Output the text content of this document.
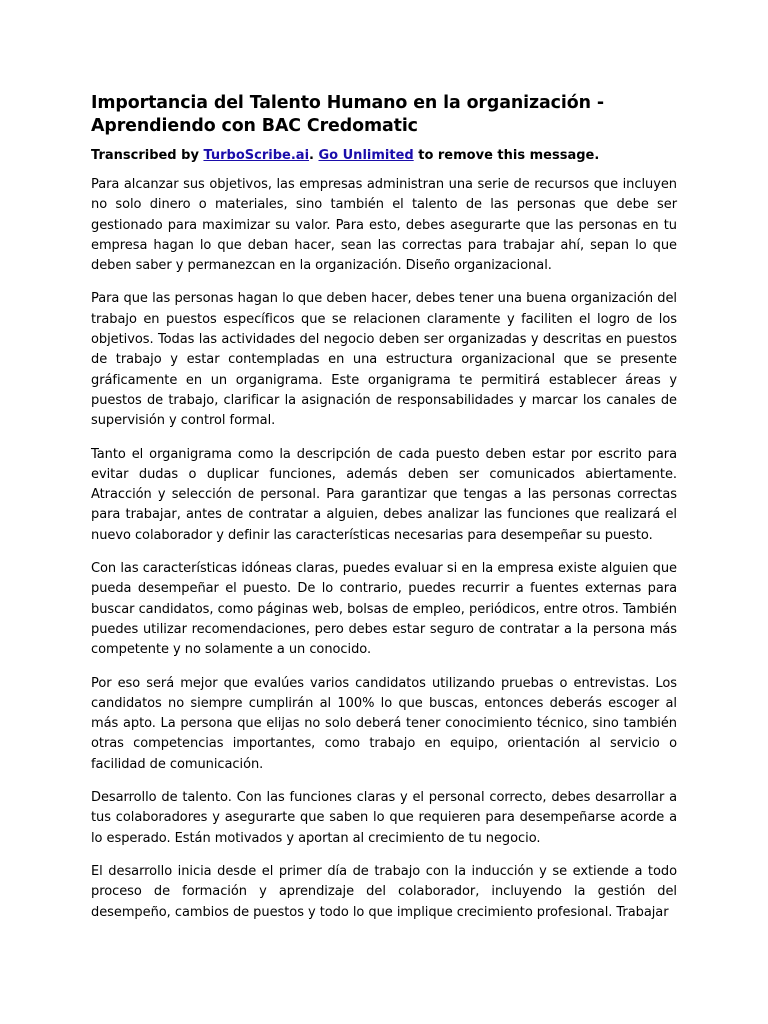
Importancia del Talento Humano en la organización - Aprendiendo con BAC Credomatic

Transcribed by TurboScribe.ai. Go Unlimited to remove this message.

Para alcanzar sus objetivos, las empresas administran una serie de recursos que incluyen no solo dinero o materiales, sino también el talento de las personas que debe ser gestionado para maximizar su valor. Para esto, debes asegurarte que las personas en tu empresa hagan lo que deban hacer, sean las correctas para trabajar ahí, sepan lo que deben saber y permanezcan en la organización. Diseño organizacional.

Para que las personas hagan lo que deben hacer, debes tener una buena organización del trabajo en puestos específicos que se relacionen claramente y faciliten el logro de los objetivos. Todas las actividades del negocio deben ser organizadas y descritas en puestos de trabajo y estar contempladas en una estructura organizacional que se presente gráficamente en un organigrama. Este organigrama te permitirá establecer áreas y puestos de trabajo, clarificar la asignación de responsabilidades y marcar los canales de supervisión y control formal.

Tanto el organigrama como la descripción de cada puesto deben estar por escrito para evitar dudas o duplicar funciones, además deben ser comunicados abiertamente. Atracción y selección de personal. Para garantizar que tengas a las personas correctas para trabajar, antes de contratar a alguien, debes analizar las funciones que realizará el nuevo colaborador y definir las características necesarias para desempeñar su puesto.

Con las características idóneas claras, puedes evaluar si en la empresa existe alguien que pueda desempeñar el puesto. De lo contrario, puedes recurrir a fuentes externas para buscar candidatos, como páginas web, bolsas de empleo, periódicos, entre otros. También puedes utilizar recomendaciones, pero debes estar seguro de contratar a la persona más competente y no solamente a un conocido.

Por eso será mejor que evalúes varios candidatos utilizando pruebas o entrevistas. Los candidatos no siempre cumplirán al 100% lo que buscas, entonces deberás escoger al más apto. La persona que elijas no solo deberá tener conocimiento técnico, sino también otras competencias importantes, como trabajo en equipo, orientación al servicio o facilidad de comunicación.

Desarrollo de talento. Con las funciones claras y el personal correcto, debes desarrollar a tus colaboradores y asegurarte que saben lo que requieren para desempeñarse acorde a lo esperado. Están motivados y aportan al crecimiento de tu negocio.

El desarrollo inicia desde el primer día de trabajo con la inducción y se extiende a todo proceso de formación y aprendizaje del colaborador, incluyendo la gestión del desempeño, cambios de puestos y todo lo que implique crecimiento profesional. Trabajar
